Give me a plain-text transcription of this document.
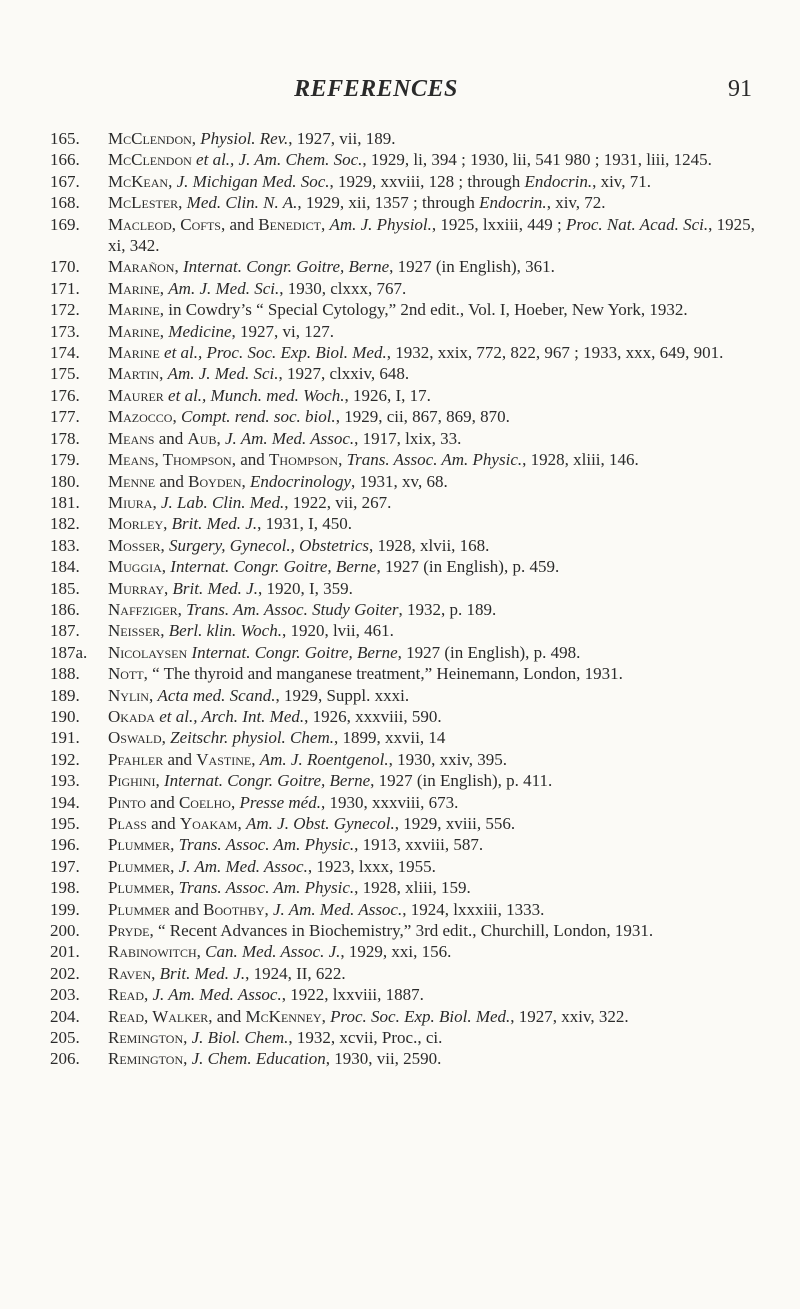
REFERENCES	91
165.	McClendon, Physiol. Rev., 1927, vii, 189.
166.	McClendon et al., J. Am. Chem. Soc., 1929, li, 394 ; 1930, lii, 541 980 ; 1931, liii, 1245.
167.	McKean, J. Michigan Med. Soc., 1929, xxviii, 128 ; through Endocrin., xiv, 71.
168.	McLester, Med. Clin. N. A., 1929, xii, 1357 ; through Endocrin., xiv, 72.
169.	Macleod, Cofts, and Benedict, Am. J. Physiol., 1925, lxxiii, 449 ; Proc. Nat. Acad. Sci., 1925, xi, 342.
170.	Marañon, Internat. Congr. Goitre, Berne, 1927 (in English), 361.
171.	Marine, Am. J. Med. Sci., 1930, clxxx, 767.
172.	Marine, in Cowdry’s “ Special Cytology,” 2nd edit., Vol. I, Hoeber, New York, 1932.
173.	Marine, Medicine, 1927, vi, 127.
174.	Marine et al., Proc. Soc. Exp. Biol. Med., 1932, xxix, 772, 822, 967 ; 1933, xxx, 649, 901.
175.	Martin, Am. J. Med. Sci., 1927, clxxiv, 648.
176.	Maurer et al., Munch. med. Woch., 1926, I, 17.
177.	Mazocco, Compt. rend. soc. biol., 1929, cii, 867, 869, 870.
178.	Means and Aub, J. Am. Med. Assoc., 1917, lxix, 33.
179.	Means, Thompson, and Thompson, Trans. Assoc. Am. Physic., 1928, xliii, 146.
180.	Menne and Boyden, Endocrinology, 1931, xv, 68.
181.	Miura, J. Lab. Clin. Med., 1922, vii, 267.
182.	Morley, Brit. Med. J., 1931, I, 450.
183.	Mosser, Surgery, Gynecol., Obstetrics, 1928, xlvii, 168.
184.	Muggia, Internat. Congr. Goitre, Berne, 1927 (in English), p. 459.
185.	Murray, Brit. Med. J., 1920, I, 359.
186.	Naffziger, Trans. Am. Assoc. Study Goiter, 1932, p. 189.
187.	Neisser, Berl. klin. Woch., 1920, lvii, 461.
187a.	Nicolaysen Internat. Congr. Goitre, Berne, 1927 (in English), p. 498.
188.	Nott, “ The thyroid and manganese treatment,” Heinemann, London, 1931.
189.	Nylin, Acta med. Scand., 1929, Suppl. xxxi.
190.	Okada et al., Arch. Int. Med., 1926, xxxviii, 590.
191.	Oswald, Zeitschr. physiol. Chem., 1899, xxvii, 14
192.	Pfahler and Vastine, Am. J. Roentgenol., 1930, xxiv, 395.
193.	Pighini, Internat. Congr. Goitre, Berne, 1927 (in English), p. 411.
194.	Pinto and Coelho, Presse méd., 1930, xxxviii, 673.
195.	Plass and Yoakam, Am. J. Obst. Gynecol., 1929, xviii, 556.
196.	Plummer, Trans. Assoc. Am. Physic., 1913, xxviii, 587.
197.	Plummer, J. Am. Med. Assoc., 1923, lxxx, 1955.
198.	Plummer, Trans. Assoc. Am. Physic., 1928, xliii, 159.
199.	Plummer and Boothby, J. Am. Med. Assoc., 1924, lxxxiii, 1333.
200.	Pryde, “ Recent Advances in Biochemistry,” 3rd edit., Churchill, London, 1931.
201.	Rabinowitch, Can. Med. Assoc. J., 1929, xxi, 156.
202.	Raven, Brit. Med. J., 1924, II, 622.
203.	Read, J. Am. Med. Assoc., 1922, lxxviii, 1887.
204.	Read, Walker, and McKenney, Proc. Soc. Exp. Biol. Med., 1927, xxiv, 322.
205.	Remington, J. Biol. Chem., 1932, xcvii, Proc., ci.
206.	Remington, J. Chem. Education, 1930, vii, 2590.
